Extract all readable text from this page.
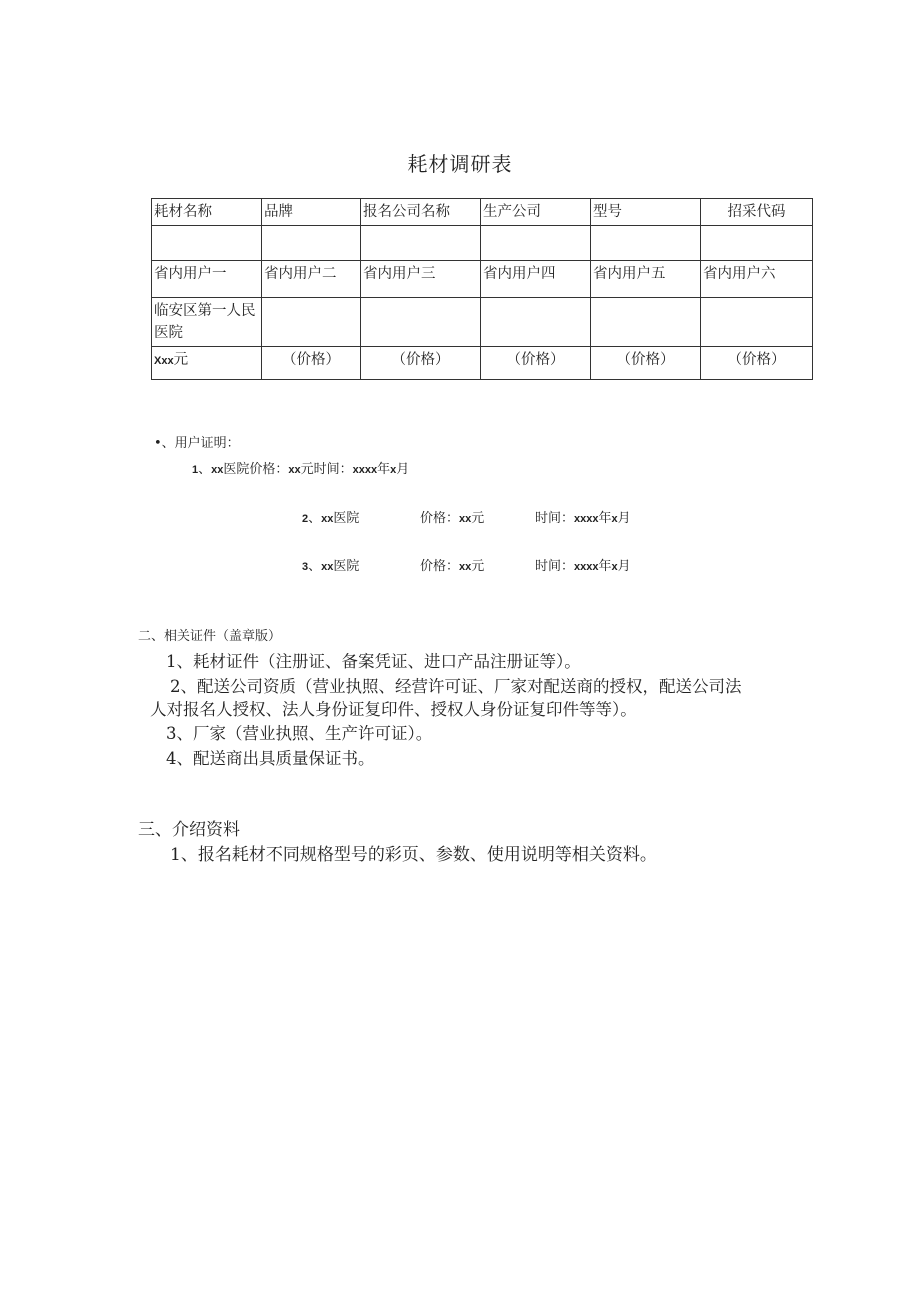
耗材调研表
耗材名称	品牌	报名公司名称	生产公司	型号	招采代码

省内用户一	省内用户二	省内用户三	省内用户四	省内用户五	省内用户六
临安区第一人民医院					
Xxx元	（价格）	（价格）	（价格）	（价格）	（价格）
•、用户证明：
1、xx医院价格：xx元时间：xxxx年x月
2、xx医院	价格：xx元	时间：xxxx年x月
3、xx医院	价格：xx元	时间：xxxx年x月
二、相关证件（盖章版）
1、耗材证件（注册证、备案凭证、进口产品注册证等）。
2、配送公司资质（营业执照、经营许可证、厂家对配送商的授权，配送公司法
人对报名人授权、法人身份证复印件、授权人身份证复印件等等）。
3、厂家（营业执照、生产许可证）。
4、配送商出具质量保证书。
三、介绍资料
1、报名耗材不同规格型号的彩页、参数、使用说明等相关资料。
